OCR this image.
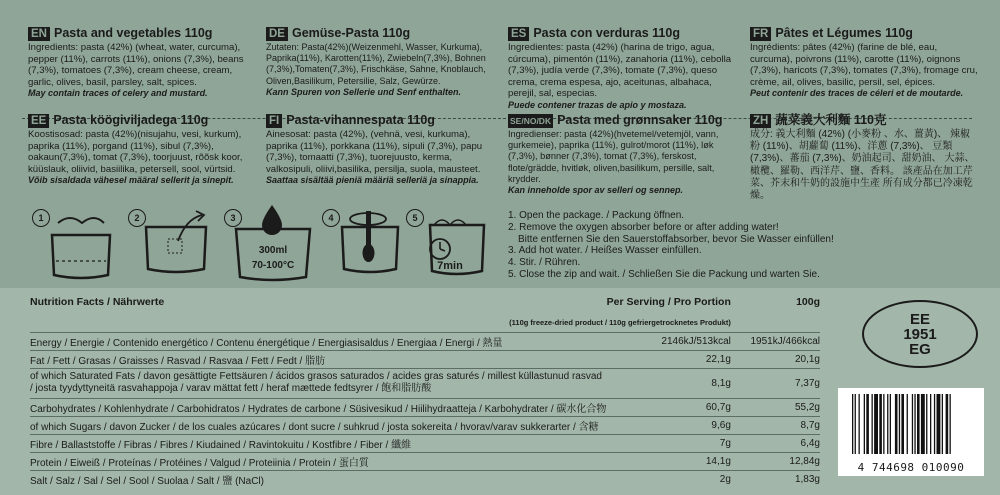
EN Pasta and vegetables 110g

Ingredients: pasta (42%) (wheat, water, curcuma), pepper (11%), carrots (11%), onions (7,3%), beans (7,3%), tomatoes (7,3%), cream cheese, cream, garlic, olives, basil, parsley, salt, spices.

May contain traces of celery and mustard.
DE Gemüse-Pasta 110g

Zutaten: Pasta(42%)(Weizenmehl, Wasser, Kurkuma), Paprika(11%), Karotten(11%), Zwiebeln(7,3%), Bohnen (7,3%),Tomaten(7,3%), Frischkäse, Sahne, Knoblauch, Oliven,Basilikum, Petersilie, Salz, Gewürze.

Kann Spuren von Sellerie und Senf enthalten.
ES Pasta con verduras 110g

Ingredientes: pasta (42%) (harina de trigo, agua, cúrcuma), pimentón (11%), zanahoria (11%), cebolla (7,3%), judía verde (7,3%), tomate (7,3%), queso crema, crema espesa, ajo, aceitunas, albahaca, perejil, sal, especias.

Puede contener trazas de apio y mostaza.
FR Pâtes et Légumes 110g

Ingrédients: pâtes (42%) (farine de blé, eau, curcuma), poivrons (11%), carotte (11%), oignons (7,3%), haricots (7,3%), tomates (7,3%), fromage cru, crème, ail, olives, basilic, persil, sel, épices.

Peut contenir des traces de céleri et de moutarde.
EE Pasta köögiviljadega 110g

Koostisosad: pasta (42%)(nisujahu, vesi, kurkum), paprika (11%), porgand (11%), sibul (7,3%), oakaun(7,3%), tomat (7,3%), toorjuust, rõõsk koor, küüslauk, oliivid, basiilika, petersell, sool, vürtsid.

Võib sisaldada vähesel määral sellerit ja sinepit.
FI Pasta-vihannespata 110g

Ainesosat: pasta (42%), (vehnä, vesi, kurkuma), paprika (11%), porkkana (11%), sipuli (7,3%), papu (7,3%), tomaatti (7,3%), tuorejuusto, kerma, valkosipuli, oliivi,basilika, persilja, suola, mausteet.

Saattaa sisältää pieniä määriä selleriä ja sinappia.
SE/NO/DK Pasta med grønnsaker 110g

Ingredienser: pasta (42%)(hvetemel/vetemjöl, vann, gurkemeie), paprika (11%), gulrot/morot (11%), løk (7,3%), bønner (7,3%), tomat (7,3%), ferskost, flote/grädde, hvitløk, oliven,basilikum, persille, salt, krydder.

Kan inneholde spor av selleri og sennep.
ZH 蔬菜義大利麵 110克

成分: 義大利麵 (42%) (小麥粉 、水、薑黃)、 辣椒粉 (11%)、胡蘿蔔 (11%)、洋蔥 (7,3%)、 豆類 (7,3%)、蕃茄 (7,3%)、奶油起司、甜奶油、 大蒜、橄欖、羅勒、西洋芹、鹽、香料。 該產品在加工芹菜、芥末和牛奶的設施中生產 所有成分都已冷凍乾燥。

1	2	3
300ml
70-100°C
4	5
7min
1. Open the package. / Packung öffnen.
2. Remove the oxygen absorber before or after adding water!
Bitte entfernen Sie den Sauerstoffabsorber, bevor Sie Wasser einfüllen!
3. Add hot water. / Heißes Wasser einfüllen.
4. Stir. / Rühren.
5. Close the zip and wait. / Schließen Sie die Packung und warten Sie.
Nutrition Facts / Nährwerte	Per Serving / Pro Portion	100g
(110g freeze-dried product / 110g gefriergetrocknetes Produkt)		
Energy / Energie / Contenido energético / Contenu énergétique / Energiasisaldus / Energiaa / Energi / 熱量	2146kJ/513kcal	1951kJ/466kcal
Fat / Fett / Grasas / Graisses / Rasvad / Rasvaa / Fett / Fedt / 脂肪	22,1g	20,1g
of which Saturated Fats / davon gesättigte Fettsäuren / ácidos grasos saturados / acides gras saturés / millest küllastunud rasvad / josta tyydyttyneitä rasvahappoja / varav mättat fett / heraf mættede fedtsyrer / 飽和脂肪酸	8,1g	7,37g
Carbohydrates / Kohlenhydrate / Carbohidratos / Hydrates de carbone / Süsivesikud / Hiilihydraatteja / Karbohydrater / 碳水化合物	60,7g	55,2g
of which Sugars / davon Zucker / de los cuales azúcares / dont sucre / suhkrud / josta sokereita / hvorav/varav sukkerarter / 含糖	9,6g	8,7g
Fibre / Ballaststoffe / Fibras / Fibres / Kiudained / Ravintokuitu / Kostfibre / Fiber / 纖維	7g	6,4g
Protein / Eiweiß / Proteínas / Protéines / Valgud / Proteiinia / Protein / 蛋白質	14,1g	12,84g
Salt / Salz / Sal / Sel / Sool / Suolaa / Salt / 鹽 (NaCl)	2g	1,83g
EE
1951
EG
4 744698 010090
